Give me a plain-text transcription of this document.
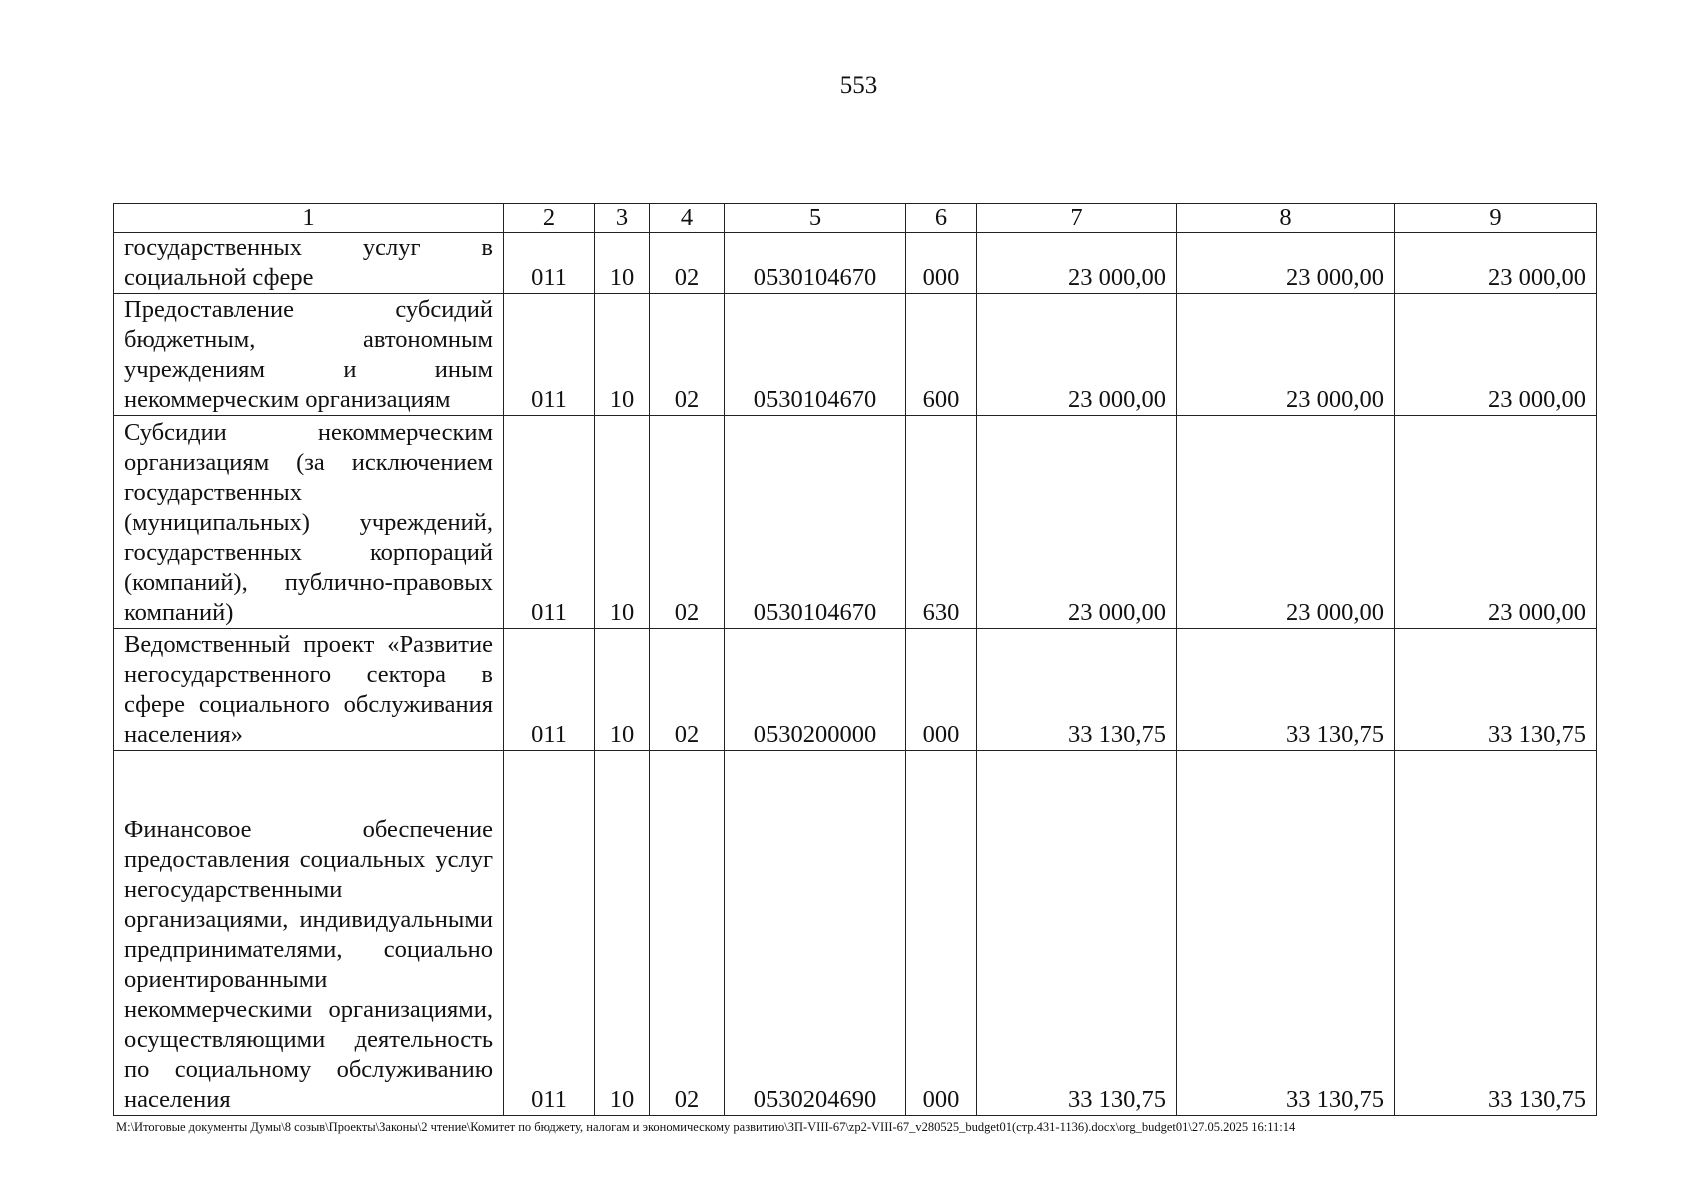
553
1	2	3	4	5	6	7	8	9
государственных услуг в социальной сфере	011	10	02	0530104670	000	23 000,00	23 000,00	23 000,00
Предоставление субсидий бюджетным, автономным учреждениям и иным некоммерческим организациям	011	10	02	0530104670	600	23 000,00	23 000,00	23 000,00
Субсидии некоммерческим организациям (за исключением государственных (муниципальных) учреждений, государственных корпораций (компаний), публично-правовых компаний)	011	10	02	0530104670	630	23 000,00	23 000,00	23 000,00
Ведомственный проект «Развитие негосударственного сектора в сфере социального обслуживания населения»	011	10	02	0530200000	000	33 130,75	33 130,75	33 130,75
Финансовое обеспечение предоставления социальных услуг негосударственными организациями, индивидуальными предпринимателями, социально ориентированными некоммерческими организациями, осуществляющими деятельность по социальному обслуживанию населения	011	10	02	0530204690	000	33 130,75	33 130,75	33 130,75
М:\Итоговые документы Думы\8 созыв\Проекты\Законы\2 чтение\Комитет по бюджету, налогам и экономическому развитию\ЗП-VIII-67\zp2-VIII-67_v280525_budget01(стр.431-1136).docx\org_budget01\27.05.2025 16:11:14
